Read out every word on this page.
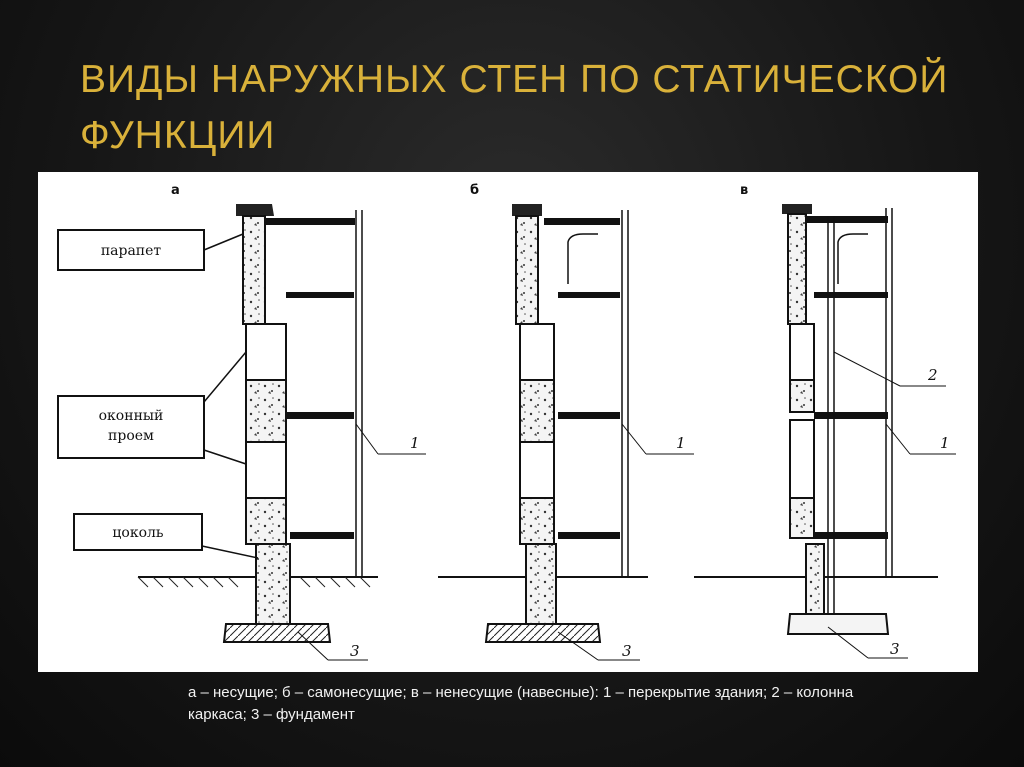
ВИДЫ НАРУЖНЫХ СТЕН ПО СТАТИЧЕСКОЙ ФУНКЦИИ
а	б	в
парапет
оконный
проем
цоколь
1
3
1
3
2
1
3
а – несущие; б – самонесущие; в – ненесущие (навесные): 1 – перекрытие здания; 2 – колонна каркаса; 3 – фундамент
